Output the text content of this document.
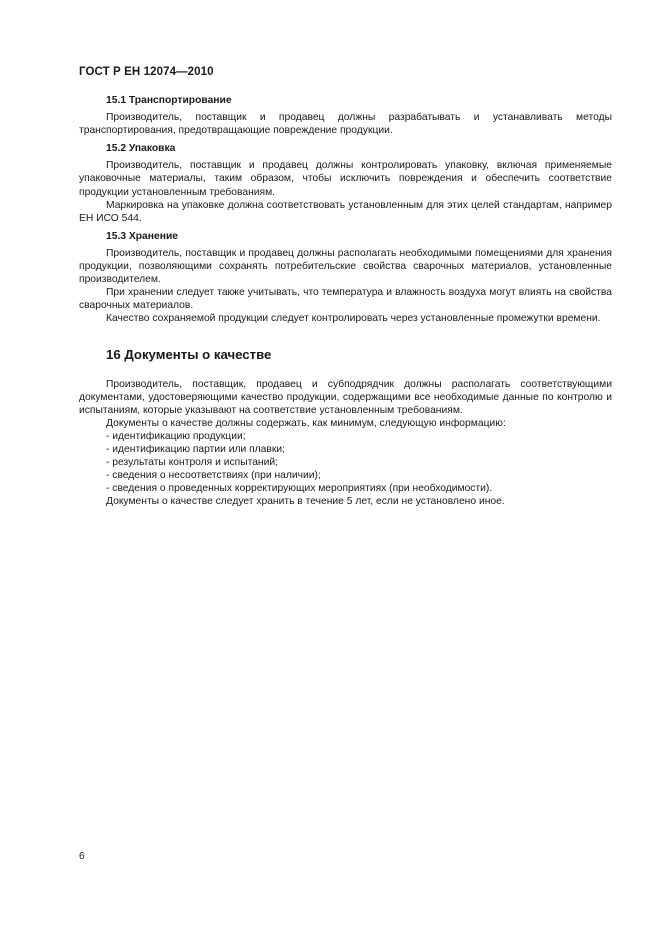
ГОСТ Р ЕН 12074—2010

15.1 Транспортирование

Производитель, поставщик и продавец должны разрабатывать и устанавливать методы транспортирования, предотвращающие повреждение продукции.

15.2 Упаковка

Производитель, поставщик и продавец должны контролировать упаковку, включая применяемые упаковочные материалы, таким образом, чтобы исключить повреждения и обеспечить соответствие продукции установленным требованиям.

Маркировка на упаковке должна соответствовать установленным для этих целей стандартам, например ЕН ИСО 544.

15.3 Хранение

Производитель, поставщик и продавец должны располагать необходимыми помещениями для хранения продукции, позволяющими сохранять потребительские свойства сварочных материалов, установленные производителем.

При хранении следует также учитывать, что температура и влажность воздуха могут влиять на свойства сварочных материалов.

Качество сохраняемой продукции следует контролировать через установленные промежутки времени.

16 Документы о качестве

Производитель, поставщик, продавец и субподрядчик должны располагать соответствующими документами, удостоверяющими качество продукции, содержащими все необходимые данные по контролю и испытаниям, которые указывают на соответствие установленным требованиям.

Документы о качестве должны содержать, как минимум, следующую информацию:

- идентификацию продукции;

- идентификацию партии или плавки;

- результаты контроля и испытаний;

- сведения о несоответствиях (при наличии);

- сведения о проведенных корректирующих мероприятиях (при необходимости).

Документы о качестве следует хранить в течение 5 лет, если не установлено иное.

6
